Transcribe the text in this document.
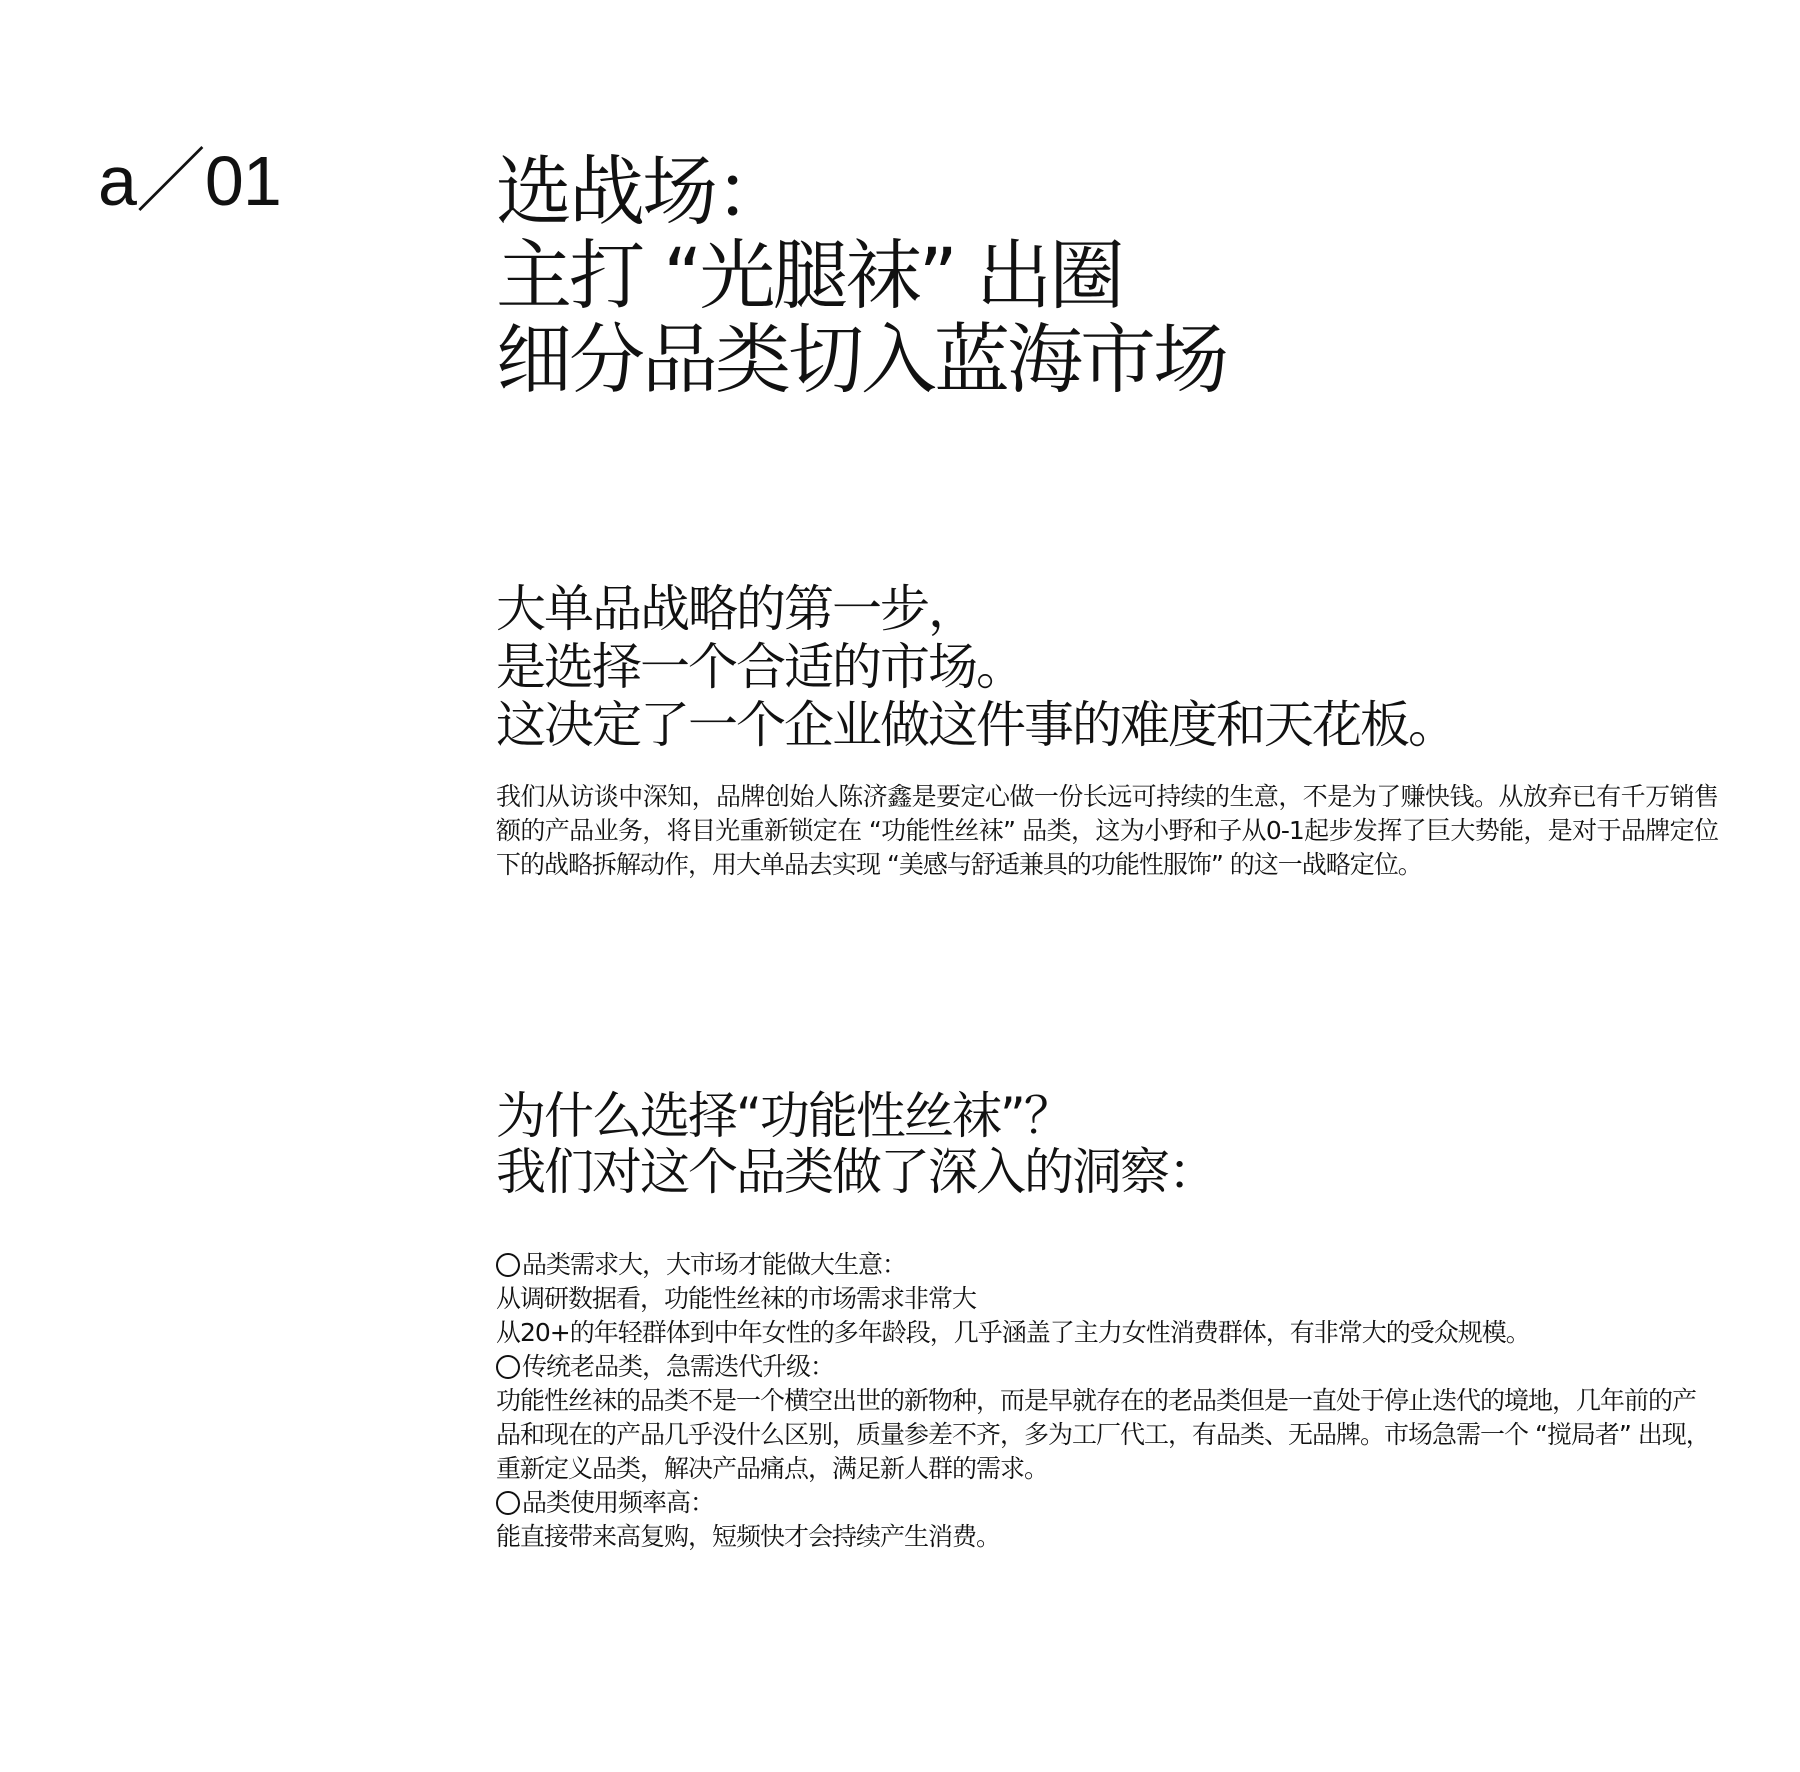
a／01	选战场：
主打 “光腿袜” 出圈
细分品类切入蓝海市场
大单品战略的第一步，
是选择一个合适的市场。
这决定了一个企业做这件事的难度和天花板。

我们从访谈中深知，品牌创始人陈济鑫是要定心做一份长远可持续的生意，不是为了赚快钱。从放弃已有千万销售额的产品业务，将目光重新锁定在 “功能性丝袜” 品类，这为小野和子从0-1起步发挥了巨大势能，是对于品牌定位下的战略拆解动作，用大单品去实现 “美感与舒适兼具的功能性服饰” 的这一战略定位。

为什么选择“功能性丝袜”？
我们对这个品类做了深入的洞察：
品类需求大，大市场才能做大生意：
从调研数据看，功能性丝袜的市场需求非常大
从20+的年轻群体到中年女性的多年龄段，几乎涵盖了主力女性消费群体，有非常大的受众规模。
传统老品类，急需迭代升级：
功能性丝袜的品类不是一个横空出世的新物种，而是早就存在的老品类但是一直处于停止迭代的境地，几年前的产品和现在的产品几乎没什么区别，质量参差不齐，多为工厂代工，有品类、无品牌。市场急需一个 “搅局者” 出现，重新定义品类，解决产品痛点，满足新人群的需求。
品类使用频率高：
能直接带来高复购，短频快才会持续产生消费。
